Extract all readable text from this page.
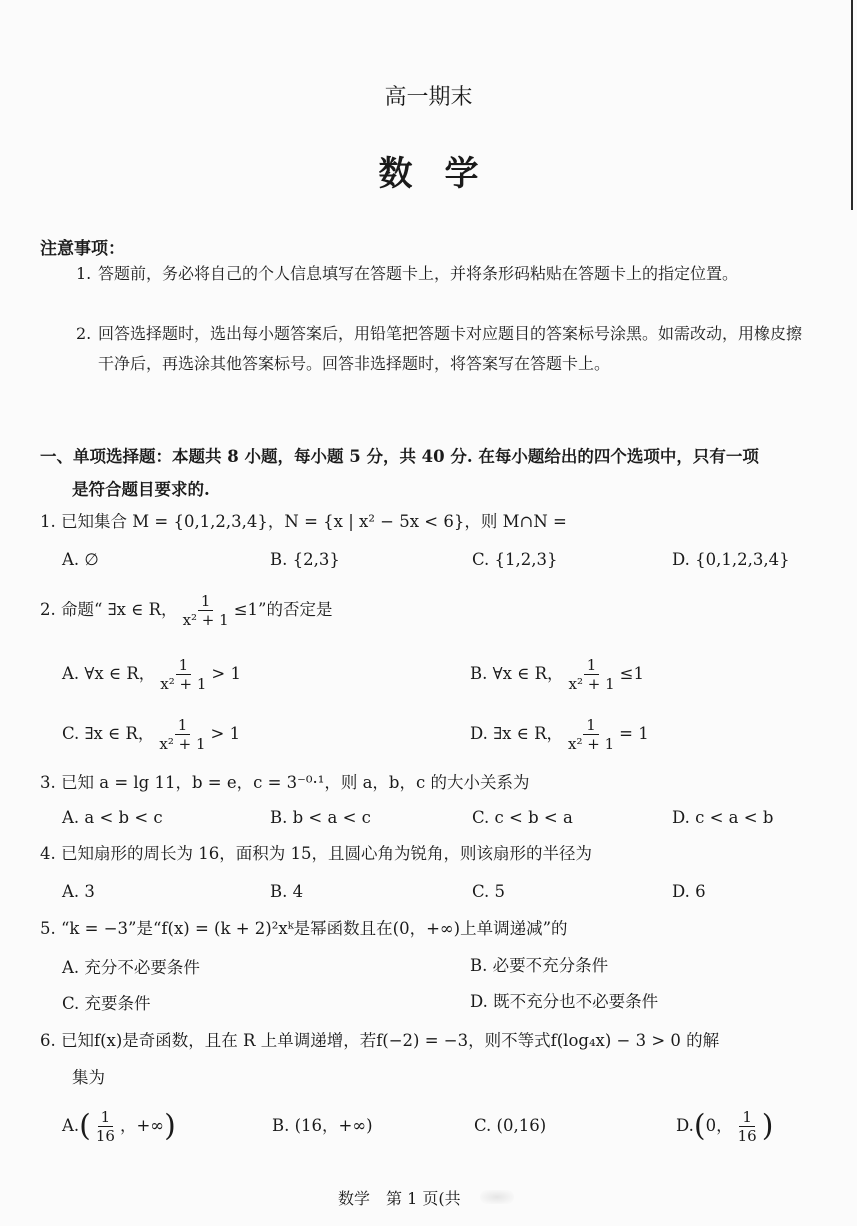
高一期末
数学
注意事项：
1. 答题前，务必将自己的个人信息填写在答题卡上，并将条形码粘贴在答题卡上的指定位置。
2. 回答选择题时，选出每小题答案后，用铅笔把答题卡对应题目的答案标号涂黑。如需改动，用橡皮擦干净后，再选涂其他答案标号。回答非选择题时，将答案写在答题卡上。
一、单项选择题：本题共 8 小题，每小题 5 分，共 40 分. 在每小题给出的四个选项中，只有一项
是符合题目要求的.
1. 已知集合 M = {0,1,2,3,4}，N = {x | x² − 5x < 6}，则 M∩N =
A. ∅	B. {2,3}	C. {1,2,3}	D. {0,1,2,3,4}
2. 命题“ ∃x ∈ R， $\frac{1}{\text{x² + 1}} \le 1$”的否定是
A. ∀x ∈ R， $\frac{1}{\text{x² + 1}} > 1$	B. ∀x ∈ R， $\frac{1}{\text{x² + 1}} \le 1$
C. ∃x ∈ R， $\frac{1}{\text{x² + 1}} > 1$	D. ∃x ∈ R， $\frac{1}{\text{x² + 1}} = 1$
3. 已知 a = lg 11，b = e，c = 3⁻⁰·¹，则 a，b，c 的大小关系为
A. a < b < c	B. b < a < c	C. c < b < a	D. c < a < b
4. 已知扇形的周长为 16，面积为 15，且圆心角为锐角，则该扇形的半径为
A. 3	B. 4	C. 5	D. 6
5. “k = −3”是“f(x) = (k + 2)²xᵏ是幂函数且在(0，+∞)上单调递减”的
A. 充分不必要条件	B. 必要不充分条件
C. 充要条件	D. 既不充分也不必要条件
6. 已知f(x)是奇函数，且在 R 上单调递增，若f(−2) = −3，则不等式f(log₄x) − 3 > 0 的解
集为
$A.( \frac{1}{16}$ ，+∞)	B. (16，+∞)	C. (0,16)	D.(0， $\frac{1}{16}$ )
数学　第 1 页(共
